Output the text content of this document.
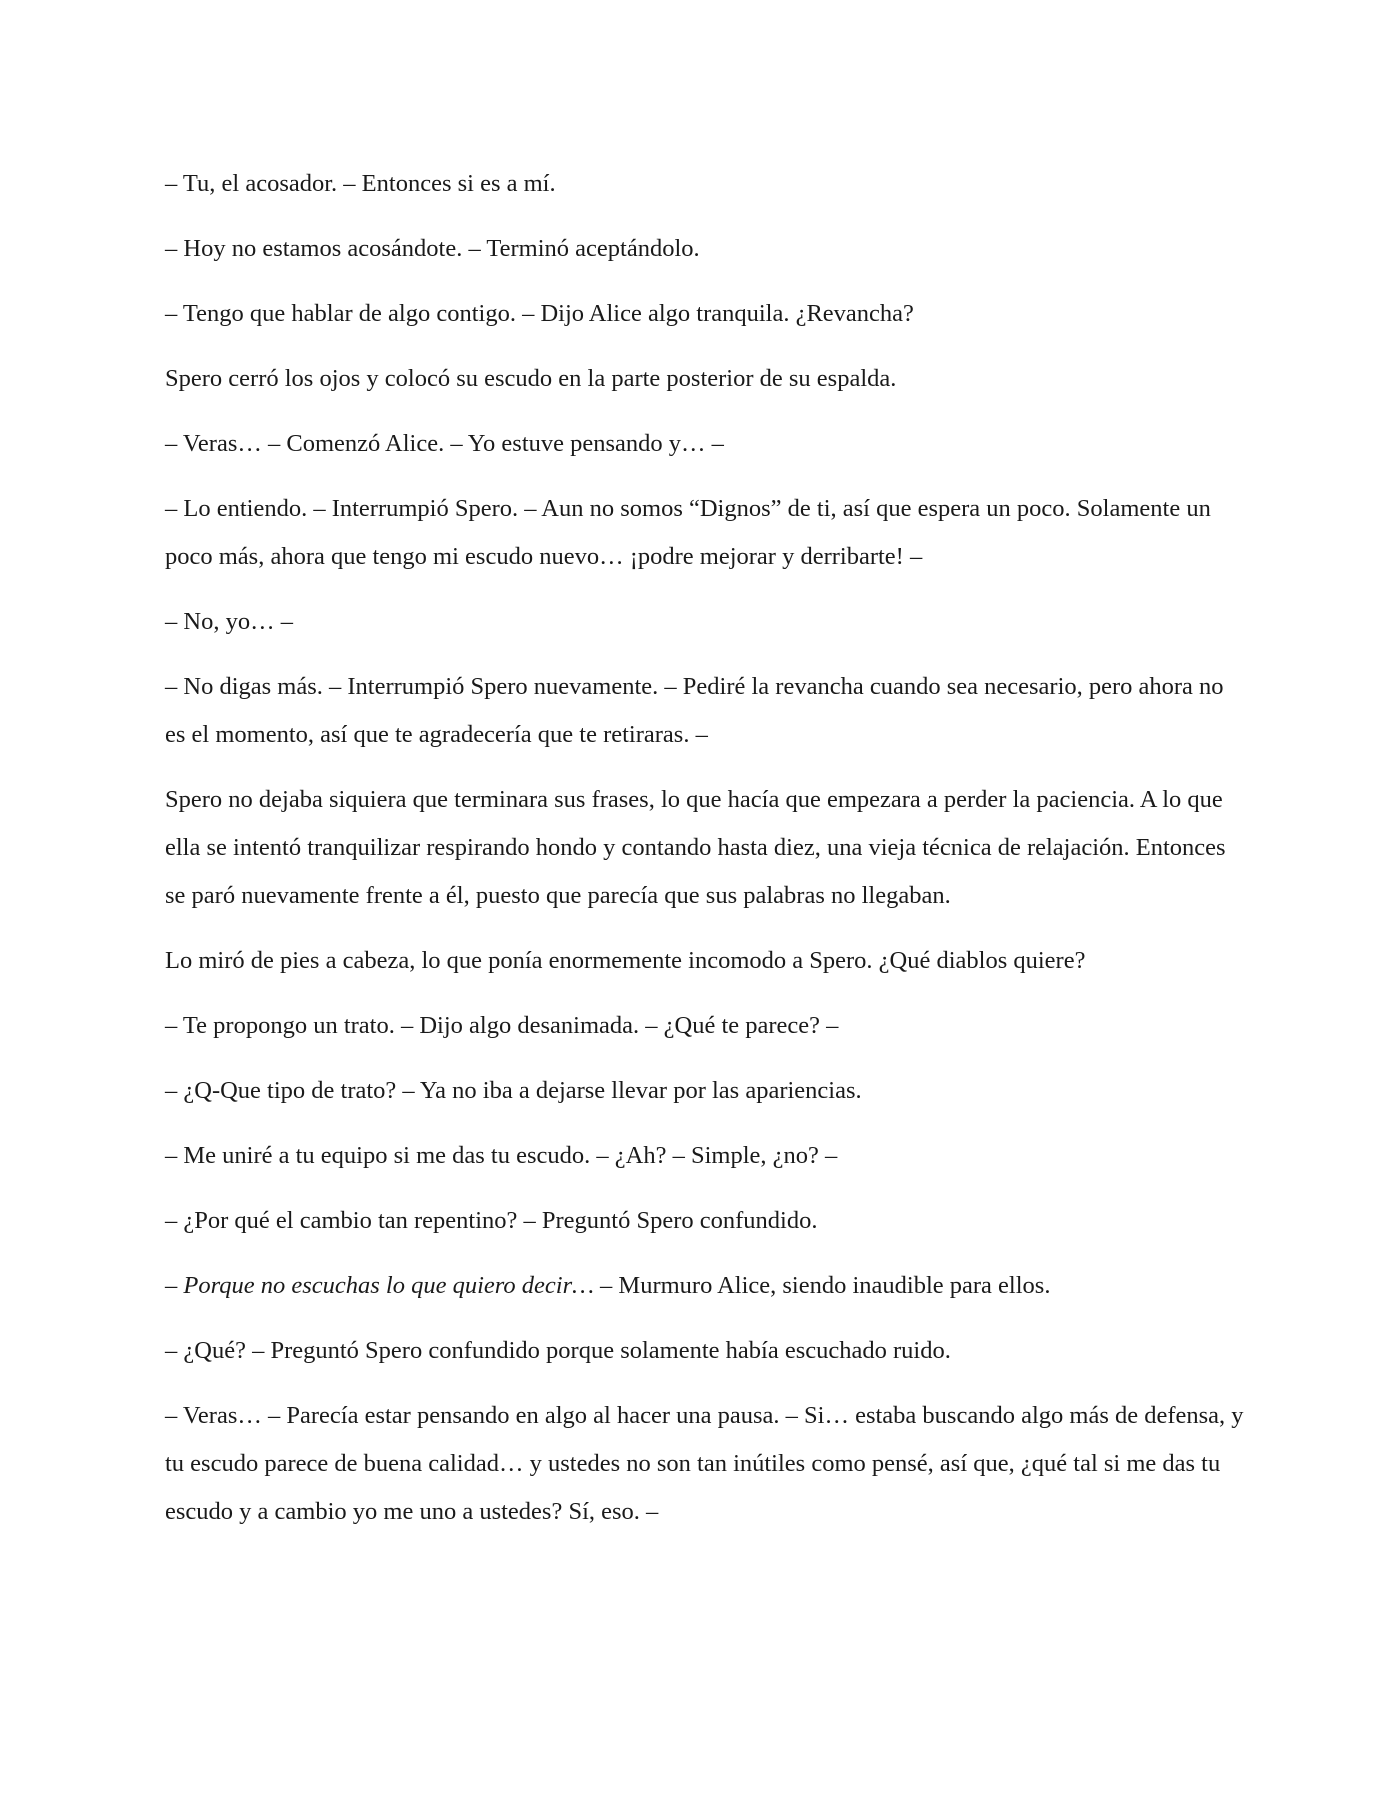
– Tu, el acosador. – Entonces si es a mí.

– Hoy no estamos acosándote. – Terminó aceptándolo.

– Tengo que hablar de algo contigo. – Dijo Alice algo tranquila. ¿Revancha?

Spero cerró los ojos y colocó su escudo en la parte posterior de su espalda.

– Veras… – Comenzó Alice. – Yo estuve pensando y… –

– Lo entiendo. – Interrumpió Spero. – Aun no somos “Dignos” de ti, así que espera un poco. Solamente un poco más, ahora que tengo mi escudo nuevo… ¡podre mejorar y derribarte! –

– No, yo… –

– No digas más. – Interrumpió Spero nuevamente. – Pediré la revancha cuando sea necesario, pero ahora no es el momento, así que te agradecería que te retiraras. –

Spero no dejaba siquiera que terminara sus frases, lo que hacía que empezara a perder la paciencia. A lo que ella se intentó tranquilizar respirando hondo y contando hasta diez, una vieja técnica de relajación. Entonces se paró nuevamente frente a él, puesto que parecía que sus palabras no llegaban.

Lo miró de pies a cabeza, lo que ponía enormemente incomodo a Spero. ¿Qué diablos quiere?

– Te propongo un trato. – Dijo algo desanimada. – ¿Qué te parece? –

– ¿Q-Que tipo de trato? – Ya no iba a dejarse llevar por las apariencias.

– Me uniré a tu equipo si me das tu escudo. – ¿Ah? – Simple, ¿no? –

– ¿Por qué el cambio tan repentino? – Preguntó Spero confundido.

– Porque no escuchas lo que quiero decir… – Murmuro Alice, siendo inaudible para ellos.

– ¿Qué? – Preguntó Spero confundido porque solamente había escuchado ruido.

– Veras… – Parecía estar pensando en algo al hacer una pausa. – Si… estaba buscando algo más de defensa, y tu escudo parece de buena calidad… y ustedes no son tan inútiles como pensé, así que, ¿qué tal si me das tu escudo y a cambio yo me uno a ustedes? Sí, eso. –
